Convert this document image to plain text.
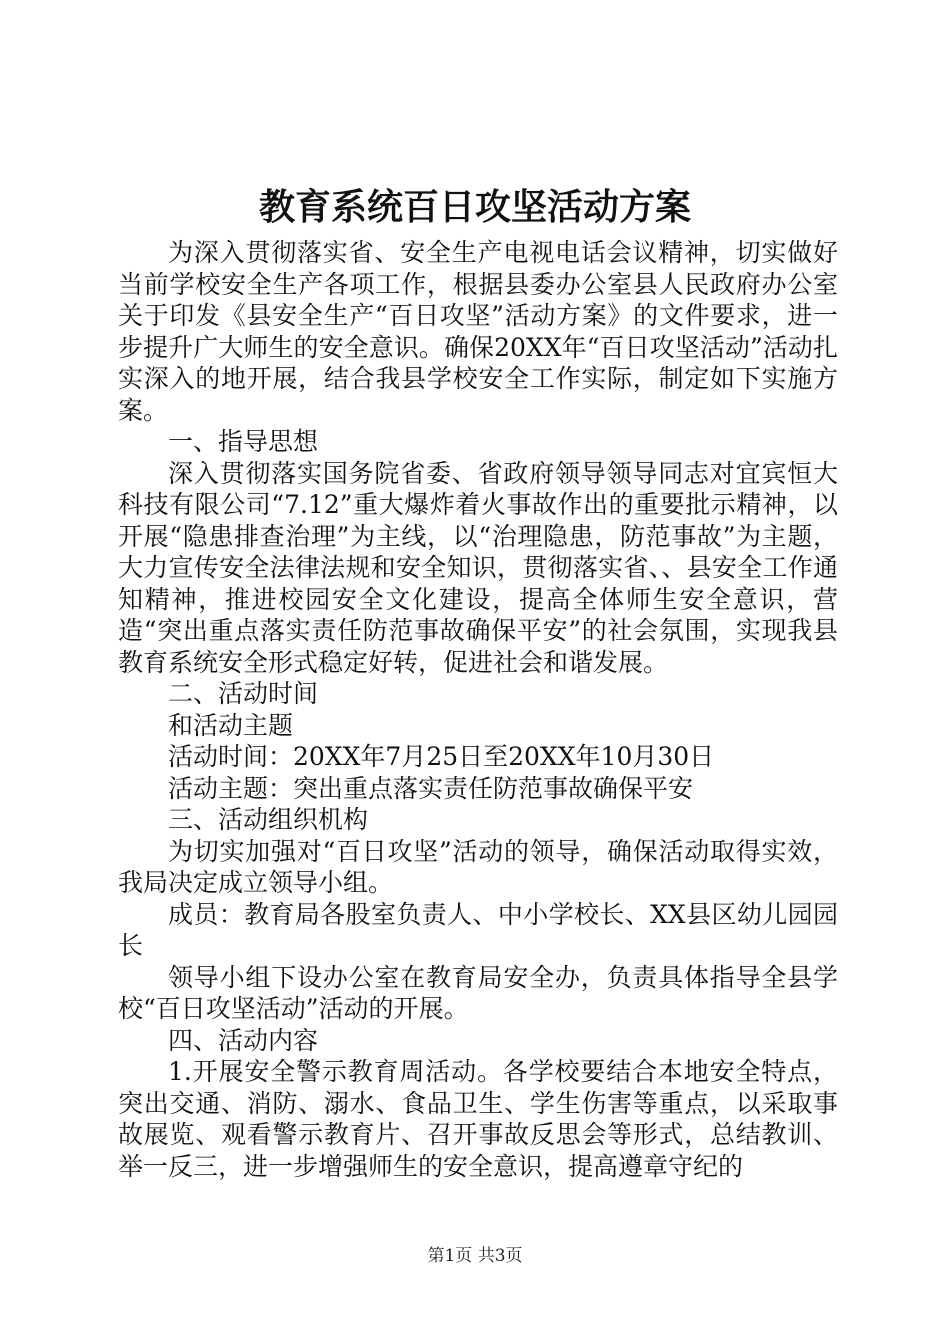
教育系统百日攻坚活动方案

为深入贯彻落实省、安全生产电视电话会议精神，切实做好当前学校安全生产各项工作，根据县委办公室县人民政府办公室关于印发《县安全生产“百日攻坚”活动方案》的文件要求，进一步提升广大师生的安全意识。确保20XX年“百日攻坚活动”活动扎实深入的地开展，结合我县学校安全工作实际，制定如下实施方案。

一、指导思想

深入贯彻落实国务院省委、省政府领导领导同志对宜宾恒大科技有限公司“7.12”重大爆炸着火事故作出的重要批示精神，以开展“隐患排查治理”为主线，以“治理隐患，防范事故”为主题，大力宣传安全法律法规和安全知识，贯彻落实省、、县安全工作通知精神，推进校园安全文化建设，提高全体师生安全意识，营造“突出重点落实责任防范事故确保平安”的社会氛围，实现我县教育系统安全形式稳定好转，促进社会和谐发展。

二、活动时间

和活动主题

活动时间：20XX年7月25日至20XX年10月30日

活动主题：突出重点落实责任防范事故确保平安

三、活动组织机构

为切实加强对“百日攻坚”活动的领导，确保活动取得实效，我局决定成立领导小组。

成员：教育局各股室负责人、中小学校长、XX县区幼儿园园长

领导小组下设办公室在教育局安全办，负责具体指导全县学校“百日攻坚活动”活动的开展。

四、活动内容

1.开展安全警示教育周活动。各学校要结合本地安全特点，突出交通、消防、溺水、食品卫生、学生伤害等重点，以采取事故展览、观看警示教育片、召开事故反思会等形式，总结教训、举一反三，进一步增强师生的安全意识，提高遵章守纪的

第1页 共3页
